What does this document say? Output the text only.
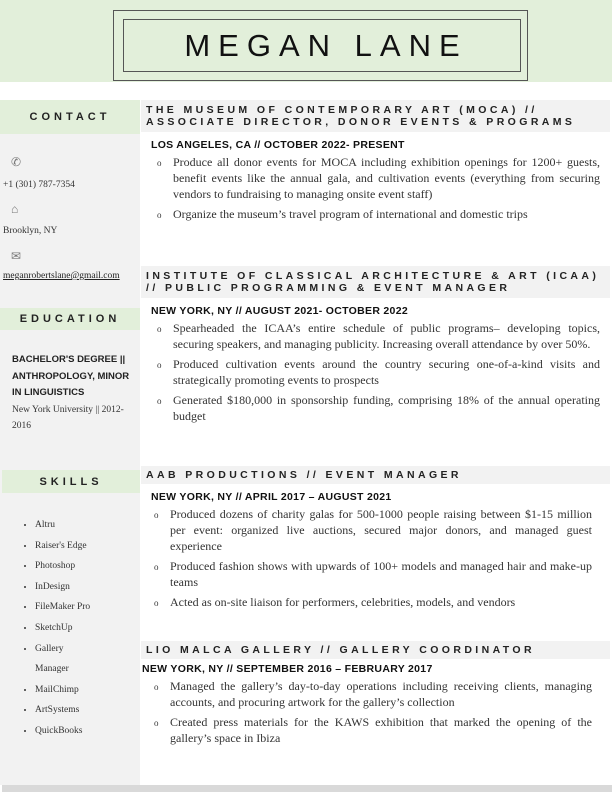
MEGAN LANE
CONTACT
✆
+1 (301) 787-7354
⌂
Brooklyn, NY
✉
meganrobertslane@gmail.com
EDUCATION
BACHELOR'S DEGREE || ANTHROPOLOGY, MINOR IN LINGUISTICS
New York University || 2012-2016
SKILLS
• Altru
• Raiser's Edge
• Photoshop
• InDesign
• FileMaker Pro
• SketchUp
• Gallery Manager
• MailChimp
• ArtSystems
• QuickBooks
THE MUSEUM OF CONTEMPORARY ART (MOCA) // ASSOCIATE DIRECTOR, DONOR EVENTS & PROGRAMS
LOS ANGELES, CA // OCTOBER 2022- PRESENT
o Produce all donor events for MOCA including exhibition openings for 1200+ guests, benefit events like the annual gala, and cultivation events (everything from securing vendors to fundraising to managing onsite event staff)
o Organize the museum’s travel program of international and domestic trips
INSTITUTE OF CLASSICAL ARCHITECTURE & ART (ICAA) // PUBLIC PROGRAMMING & EVENT MANAGER
NEW YORK, NY // AUGUST 2021- OCTOBER 2022
o Spearheaded the ICAA’s entire schedule of public programs– developing topics, securing speakers, and managing publicity. Increasing overall attendance by over 50%.
o Produced cultivation events around the country securing one-of-a-kind visits and strategically promoting events to prospects
o Generated $180,000 in sponsorship funding, comprising 18% of the annual operating budget
AAB PRODUCTIONS // EVENT MANAGER
NEW YORK, NY // APRIL 2017 – AUGUST 2021
o Produced dozens of charity galas for 500-1000 people raising between $1-15 million per event: organized live auctions, secured major donors, and managed guest experience
o Produced fashion shows with upwards of 100+ models and managed hair and make-up teams
o Acted as on-site liaison for performers, celebrities, models, and vendors
LIO MALCA GALLERY // GALLERY COORDINATOR
NEW YORK, NY // SEPTEMBER 2016 – FEBRUARY 2017
o Managed the gallery’s day-to-day operations including receiving clients, managing accounts, and procuring artwork for the gallery’s collection
o Created press materials for the KAWS exhibition that marked the opening of the gallery’s space in Ibiza
